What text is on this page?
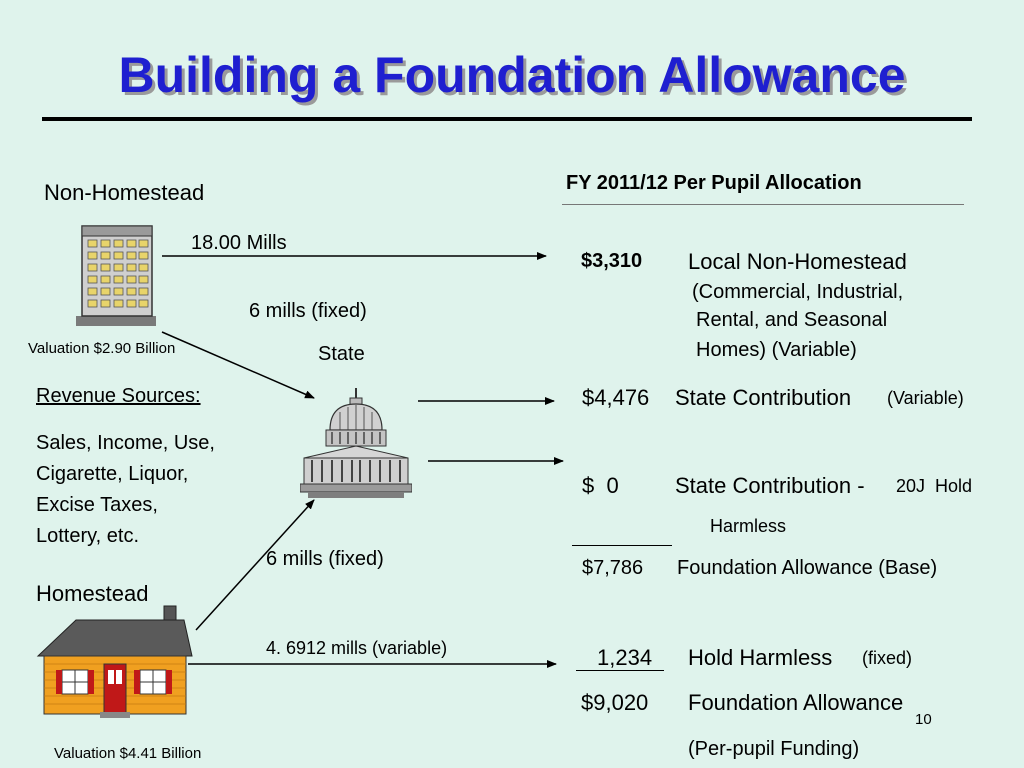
Building a Foundation Allowance
Non-Homestead
18.00 Mills
6 mills (fixed)
Valuation $2.90 Billion	State
Revenue Sources:
Sales, Income, Use,
Cigarette, Liquor,
Excise Taxes,
Lottery, etc.
6 mills (fixed)
Homestead
4. 6912 mills (variable)
Valuation $4.41 Billion
FY 2011/12 Per Pupil Allocation
$3,310 Local Non-Homestead
(Commercial, Industrial,
Rental, and Seasonal
Homes) (Variable)
$4,476 State Contribution (Variable)
$  0	State Contribution - 20J  Hold
Harmless
$7,786 Foundation Allowance (Base)
1,234 Hold Harmless (fixed)
$9,020 Foundation Allowance
10
(Per-pupil Funding)
